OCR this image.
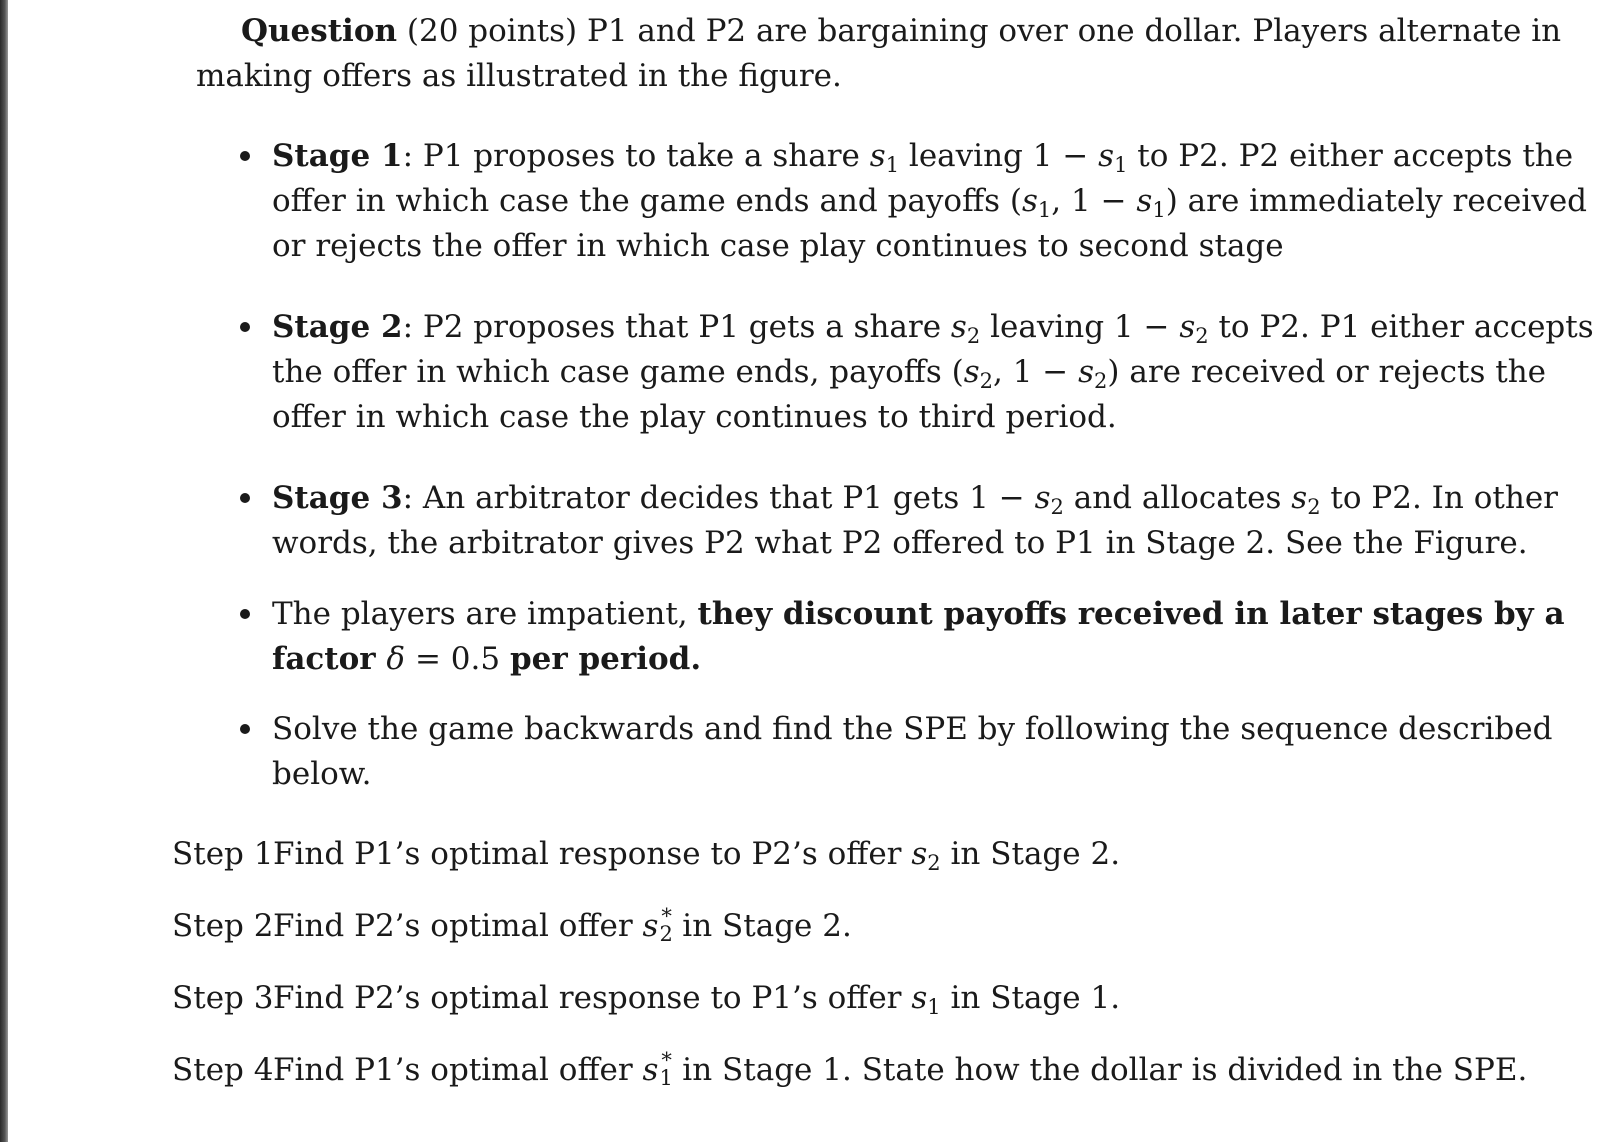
Question (20 points) P1 and P2 are bargaining over one dollar. Players alternate in
making offers as illustrated in the figure.
Stage 1: P1 proposes to take a share $s_1$ leaving $1 - s_1$ to P2. P2 either accepts the
offer in which case the game ends and payoffs ($s_1$, $1 - s_1$) are immediately received
or rejects the offer in which case play continues to second stage
Stage 2: P2 proposes that P1 gets a share $s_2$ leaving $1 - s_2$ to P2. P1 either accepts
the offer in which case game ends, payoffs ($s_2$, $1 - s_2$) are received or rejects the
offer in which case the play continues to third period.
Stage 3: An arbitrator decides that P1 gets $1 - s_2$ and allocates $s_2$ to P2. In other
words, the arbitrator gives P2 what P2 offered to P1 in Stage 2. See the Figure.
The players are impatient, they discount payoffs received in later stages by a
factor δ = 0.5 per period.
Solve the game backwards and find the SPE by following the sequence described
below.
Step 1 Find P1’s optimal response to P2’s offer $s_2$ in Stage 2.
Step 2 Find P2’s optimal offer s ∗
2 in Stage 2.
Step 3 Find P2’s optimal response to P1’s offer $s_1$ in Stage 1.
Step 4 Find P1’s optimal offer s ∗
1 in Stage 1. State how the dollar is divided in the SPE.
